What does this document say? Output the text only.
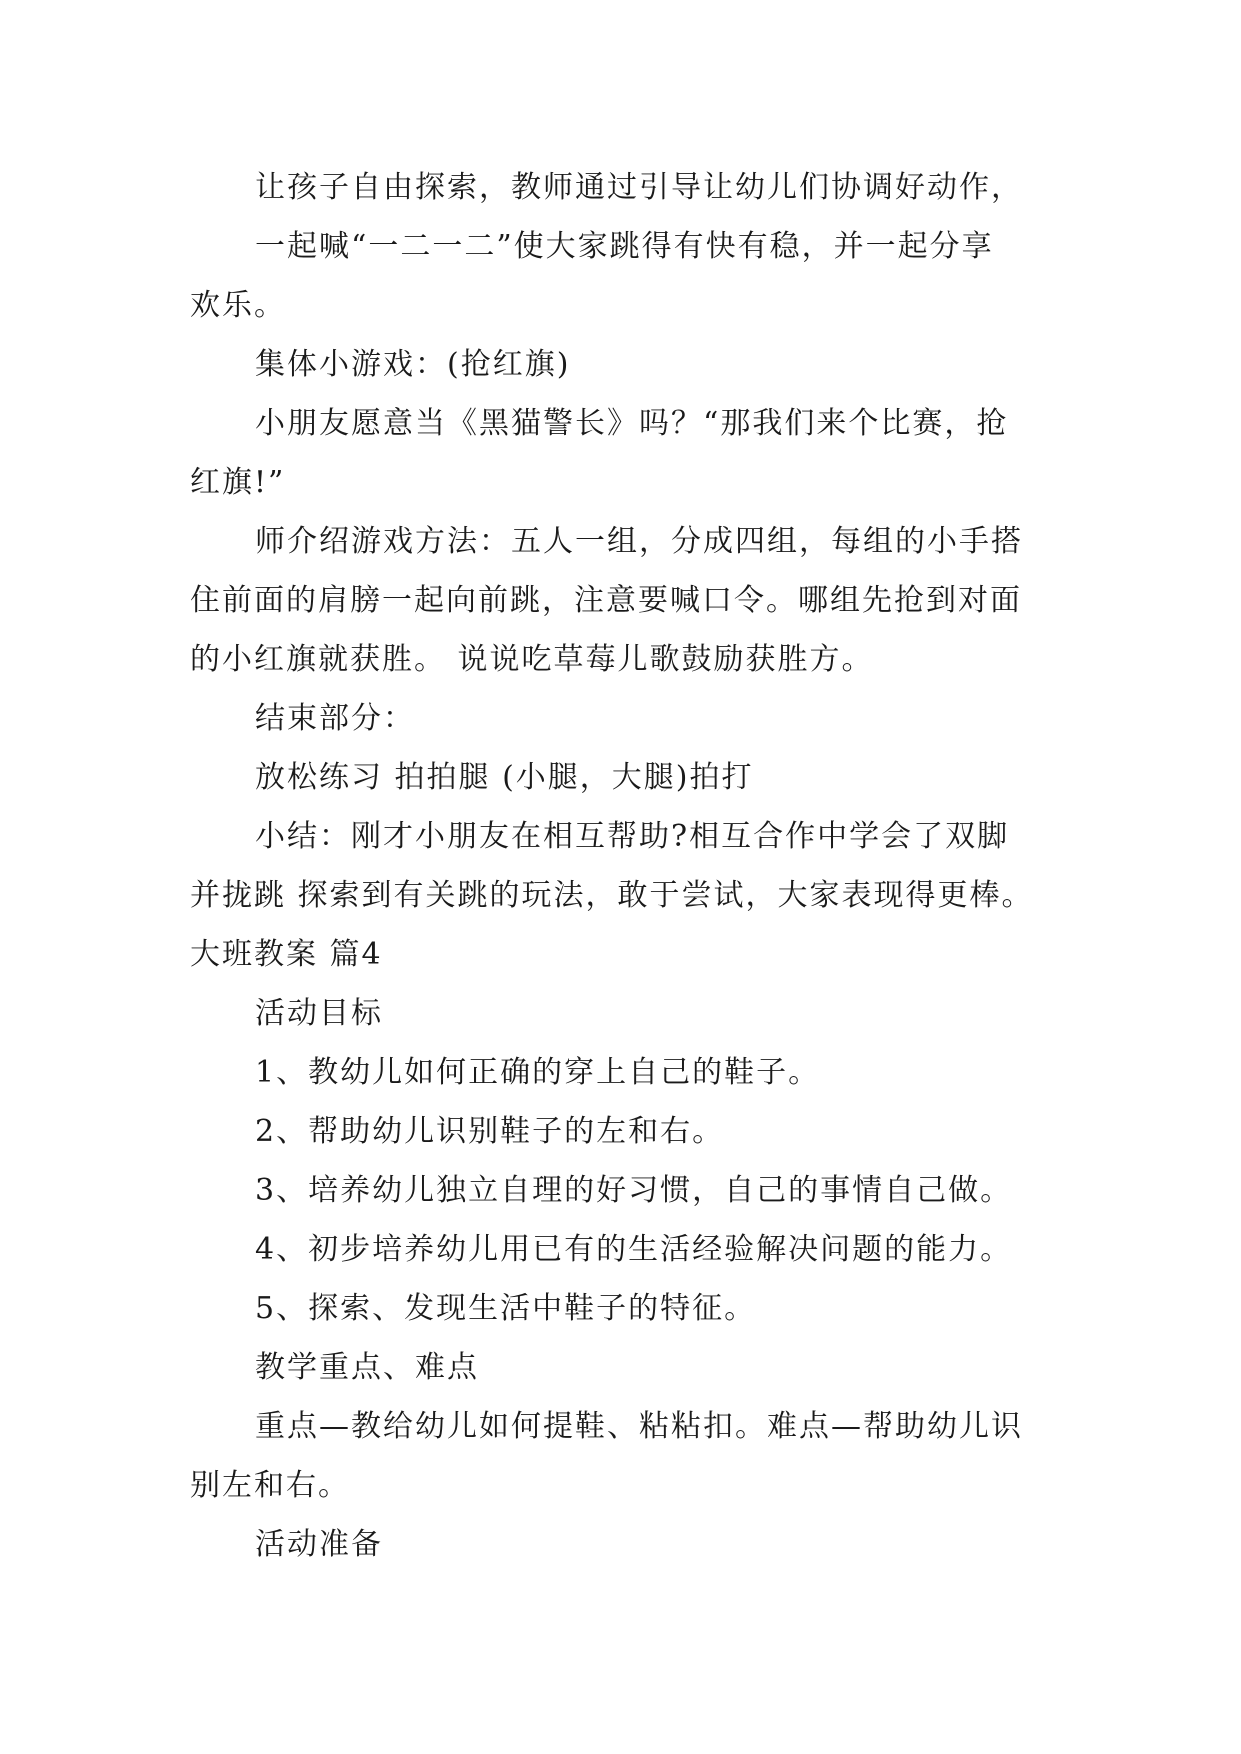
让孩子自由探索，教师通过引导让幼儿们协调好动作，
一起喊“一二一二”使大家跳得有快有稳，并一起分享
欢乐。
集体小游戏：(抢红旗)
小朋友愿意当《黑猫警长》吗？“那我们来个比赛，抢
红旗!”
师介绍游戏方法：五人一组，分成四组，每组的小手搭
住前面的肩膀一起向前跳，注意要喊口令。哪组先抢到对面
的小红旗就获胜。 说说吃草莓儿歌鼓励获胜方。
结束部分：
放松练习 拍拍腿 (小腿，大腿)拍打
小结：刚才小朋友在相互帮助?相互合作中学会了双脚
并拢跳 探索到有关跳的玩法，敢于尝试，大家表现得更棒。
大班教案 篇4
活动目标
1、教幼儿如何正确的穿上自己的鞋子。
2、帮助幼儿识别鞋子的左和右。
3、培养幼儿独立自理的好习惯，自己的事情自己做。
4、初步培养幼儿用已有的生活经验解决问题的能力。
5、探索、发现生活中鞋子的特征。
教学重点、难点
重点—教给幼儿如何提鞋、粘粘扣。难点—帮助幼儿识
别左和右。
活动准备
